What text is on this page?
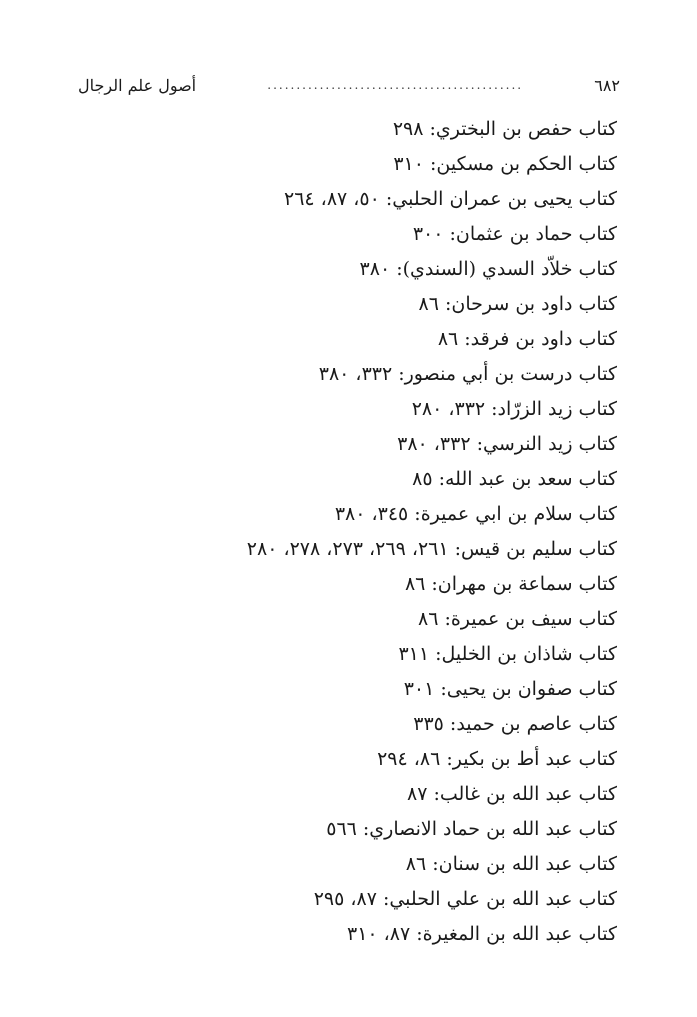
أصول علم الرجال	............................................	٦٨٢
كتاب حفص بن البختري: ٢٩٨
كتاب الحكم بن مسكين: ٣١٠
كتاب يحيى بن عمران الحلبي: ٥٠، ٨٧، ٢٦٤
كتاب حماد بن عثمان: ٣٠٠
كتاب خلاّد السدي (السندي): ٣٨٠
كتاب داود بن سرحان: ٨٦
كتاب داود بن فرقد: ٨٦
كتاب درست بن أبي منصور: ٣٣٢، ٣٨٠
كتاب زيد الزرّاد: ٣٣٢، ٢٨٠
كتاب زيد النرسي: ٣٣٢، ٣٨٠
كتاب سعد بن عبد الله: ٨٥
كتاب سلام بن ابي عميرة: ٣٤٥، ٣٨٠
كتاب سليم بن قيس: ٢٦١، ٢٦٩، ٢٧٣، ٢٧٨، ٢٨٠
كتاب سماعة بن مهران: ٨٦
كتاب سيف بن عميرة: ٨٦
كتاب شاذان بن الخليل: ٣١١
كتاب صفوان بن يحيى: ٣٠١
كتاب عاصم بن حميد: ٣٣٥
كتاب عبد أط بن بكير: ٨٦، ٢٩٤
كتاب عبد الله بن غالب: ٨٧
كتاب عبد الله بن حماد الانصاري: ٥٦٦
كتاب عبد الله بن سنان: ٨٦
كتاب عبد الله بن علي الحلبي: ٨٧، ٢٩٥
كتاب عبد الله بن المغيرة: ٨٧، ٣١٠
